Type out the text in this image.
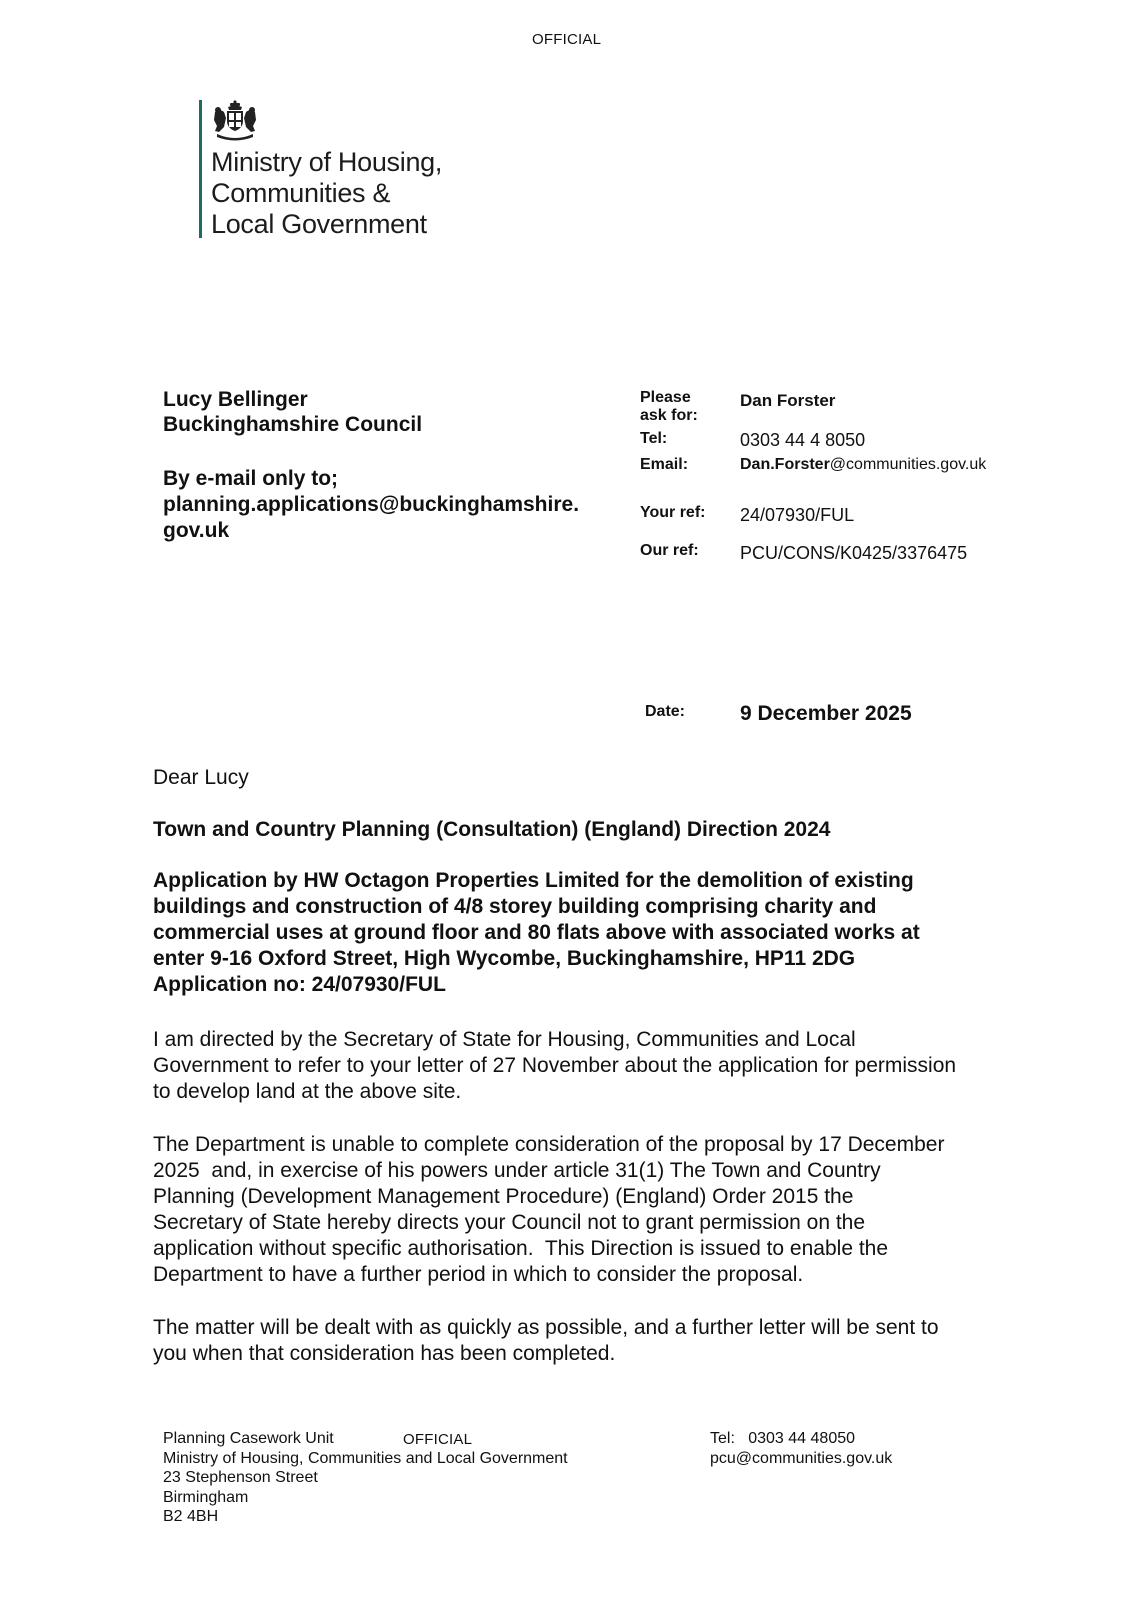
OFFICIAL
Ministry of Housing,
Communities &
Local Government
Lucy Bellinger
Buckinghamshire Council
By e-mail only to;
planning.applications@buckinghamshire.
gov.uk
Please ask for:
Dan Forster
Tel:	0303 44 4 8050
Email:	Dan.Forster@communities.gov.uk
Your ref: 24/07930/FUL
Our ref: PCU/CONS/K0425/3376475
Date:	9 December 2025
Dear Lucy
Town and Country Planning (Consultation) (England) Direction 2024
Application by HW Octagon Properties Limited for the demolition of existing
buildings and construction of 4/8 storey building comprising charity and
commercial uses at ground floor and 80 flats above with associated works at
enter 9-16 Oxford Street, High Wycombe, Buckinghamshire, HP11 2DG
Application no: 24/07930/FUL
I am directed by the Secretary of State for Housing, Communities and Local
Government to refer to your letter of 27 November about the application for permission
to develop land at the above site.
The Department is unable to complete consideration of the proposal by 17 December
2025  and, in exercise of his powers under article 31(1) The Town and Country
Planning (Development Management Procedure) (England) Order 2015 the
Secretary of State hereby directs your Council not to grant permission on the
application without specific authorisation.  This Direction is issued to enable the
Department to have a further period in which to consider the proposal.
The matter will be dealt with as quickly as possible, and a further letter will be sent to
you when that consideration has been completed.
Planning Casework Unit
Ministry of Housing, Communities and Local Government
23 Stephenson Street
Birmingham
B2 4BH
OFFICIAL	Tel:   0303 44 48050
pcu@communities.gov.uk
